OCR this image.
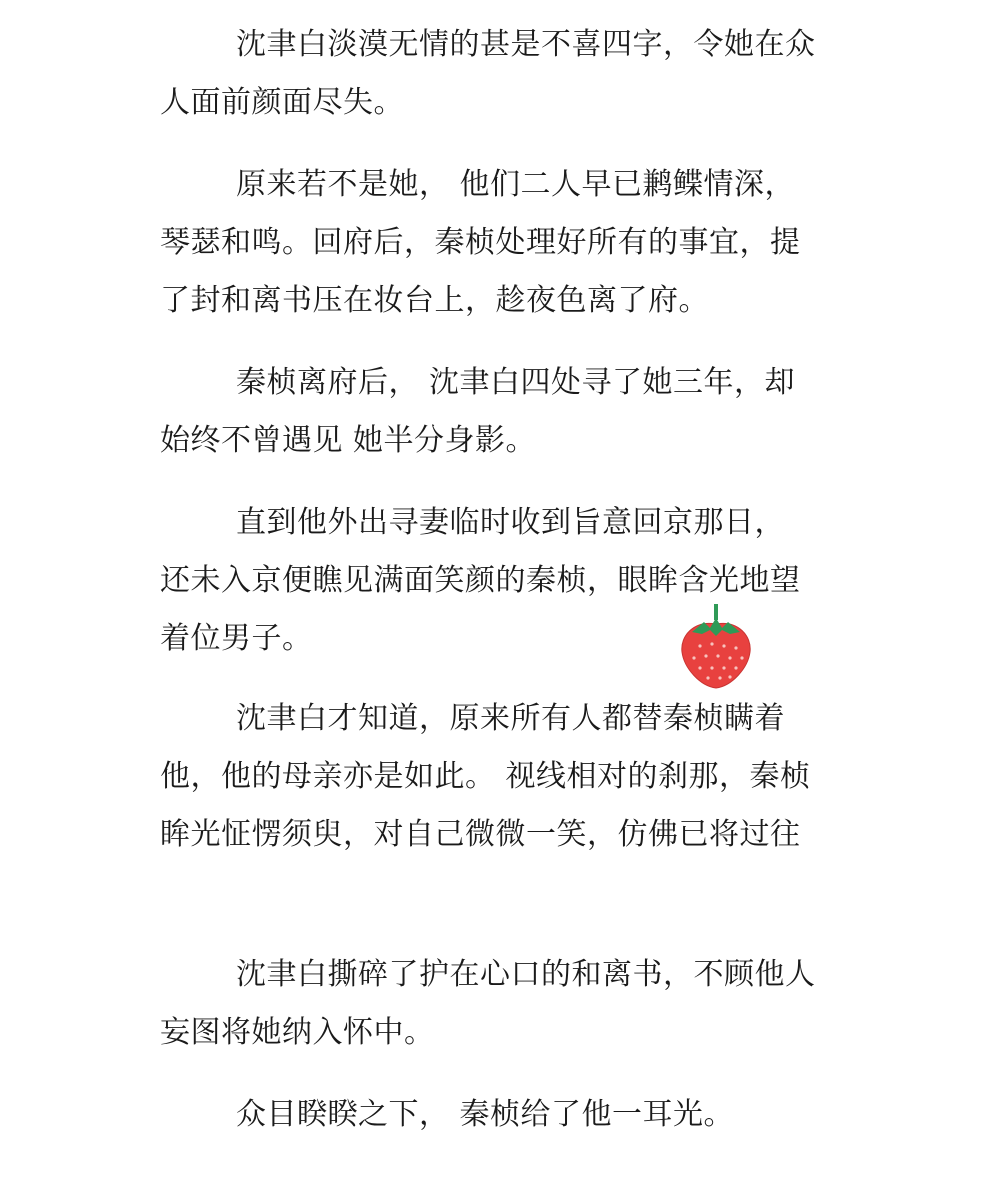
沈聿白淡漠无情的甚是不喜四字，令她在众
人面前颜面尽失。
原来若不是她， 他们二人早已鹣鲽情深，
琴瑟和鸣。回府后，秦桢处理好所有的事宜，提
了封和离书压在妆台上，趁夜色离了府。
秦桢离府后， 沈聿白四处寻了她三年，却
始终不曾遇见 她半分身影。
直到他外出寻妻临时收到旨意回京那日，
还未入京便瞧见满面笑颜的秦桢，眼眸含光地望
着位男子。
沈聿白才知道，原来所有人都替秦桢瞒着
他，他的母亲亦是如此。 视线相对的刹那，秦桢
眸光怔愣须臾，对自己微微一笑，仿佛已将过往
沈聿白撕碎了护在心口的和离书，不顾他人
妄图将她纳入怀中。
众目睽睽之下， 秦桢给了他一耳光。
